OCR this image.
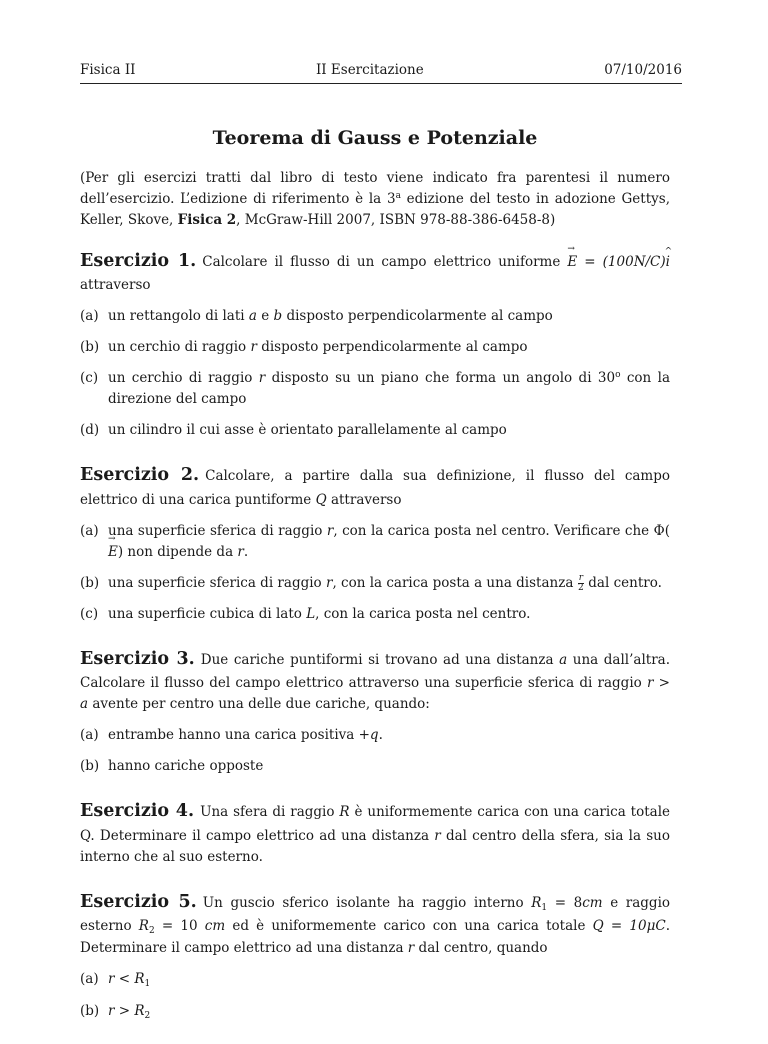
Fisica II	II Esercitazione	07/10/2016
Teorema di Gauss e Potenziale

(Per gli esercizi tratti dal libro di testo viene indicato fra parentesi il numero dell’esercizio. L’edizione di riferimento è la 3$^a$ edizione del testo in adozione Gettys, Keller, Skove, Fisica 2, McGraw-Hill 2007, ISBN 978-88-386-6458-8)

Esercizio 1. Calcolare il flusso di un campo elettrico uniforme → E = (100N/C)^ i attraverso

(a) un rettangolo di lati a e b disposto perpendicolarmente al campo
(b) un cerchio di raggio r disposto perpendicolarmente al campo
(c) un cerchio di raggio r disposto su un piano che forma un angolo di 30$^o$ con la direzione del campo
(d) un cilindro il cui asse è orientato parallelamente al campo

Esercizio 2. Calcolare, a partire dalla sua definizione, il flusso del campo elettrico di una carica puntiforme Q attraverso

(a) una superficie sferica di raggio r, con la carica posta nel centro. Verificare che Φ(→ E) non dipende da r.
(b) una superficie sferica di raggio r, con la carica posta a una distanza $\frac{r}{2}$ dal centro.
(c) una superficie cubica di lato L, con la carica posta nel centro.

Esercizio 3. Due cariche puntiformi si trovano ad una distanza a una dall’altra. Calcolare il flusso del campo elettrico attraverso una superficie sferica di raggio r > a avente per centro una delle due cariche, quando:

(a) entrambe hanno una carica positiva +q.
(b) hanno cariche opposte

Esercizio 4. Una sfera di raggio R è uniformemente carica con una carica totale Q. Determinare il campo elettrico ad una distanza r dal centro della sfera, sia la suo interno che al suo esterno.

Esercizio 5. Un guscio sferico isolante ha raggio interno $R_1 = 8cm$ e raggio esterno $R_2 = 10$ cm ed è uniformemente carico con una carica totale Q = 10μC. Determinare il campo elettrico ad una distanza r dal centro, quando

(a) $r < R_1$
(b) $r > R_2$
